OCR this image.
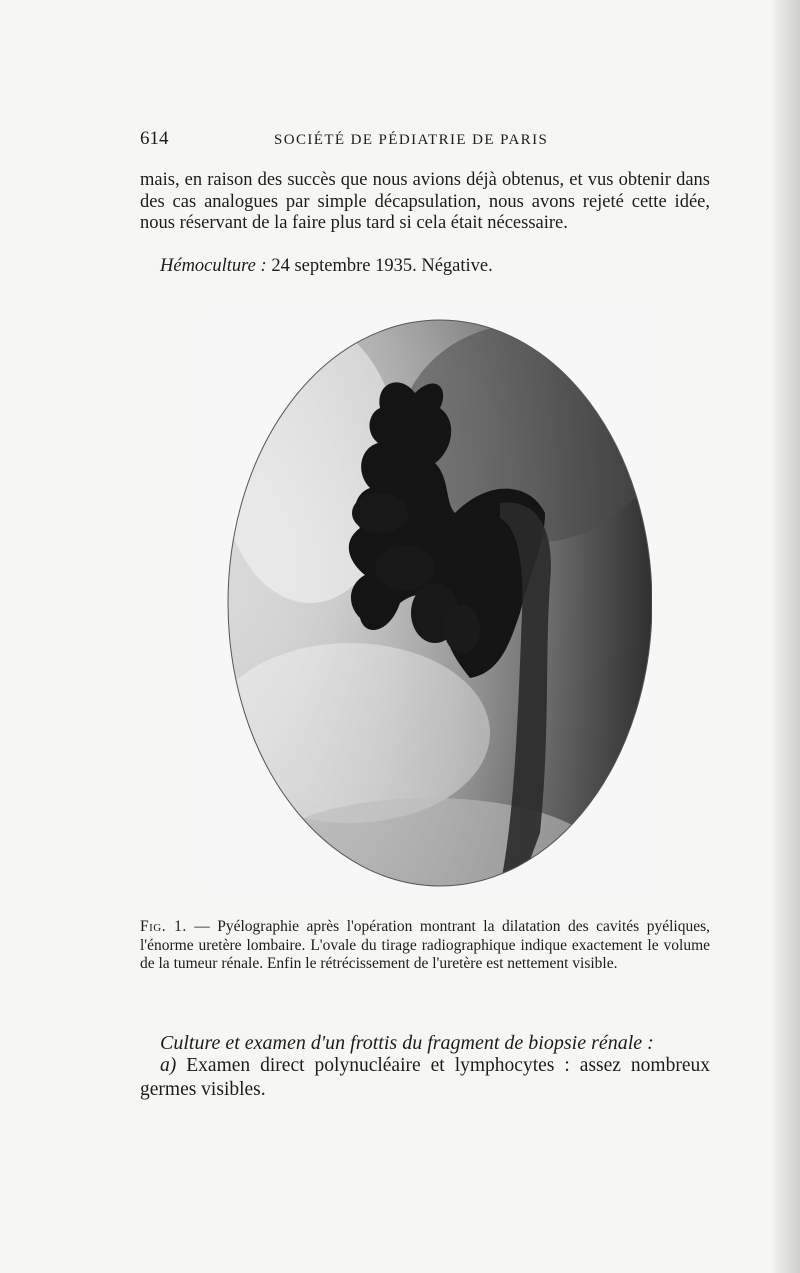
614	SOCIÉTÉ DE PÉDIATRIE DE PARIS

mais, en raison des succès que nous avions déjà obtenus, et vus obtenir dans des cas analogues par simple décapsulation, nous avons rejeté cette idée, nous réservant de la faire plus tard si cela était nécessaire.

Hémoculture : 24 septembre 1935. Négative.

Fig. 1. — Pyélographie après l'opération montrant la dilatation des cavités pyéliques, l'énorme uretère lombaire. L'ovale du tirage radiographique indique exactement le volume de la tumeur rénale. Enfin le rétrécissement de l'uretère est nettement visible.

Culture et examen d'un frottis du fragment de biopsie rénale :

a) Examen direct polynucléaire et lymphocytes : assez nombreux germes visibles.
